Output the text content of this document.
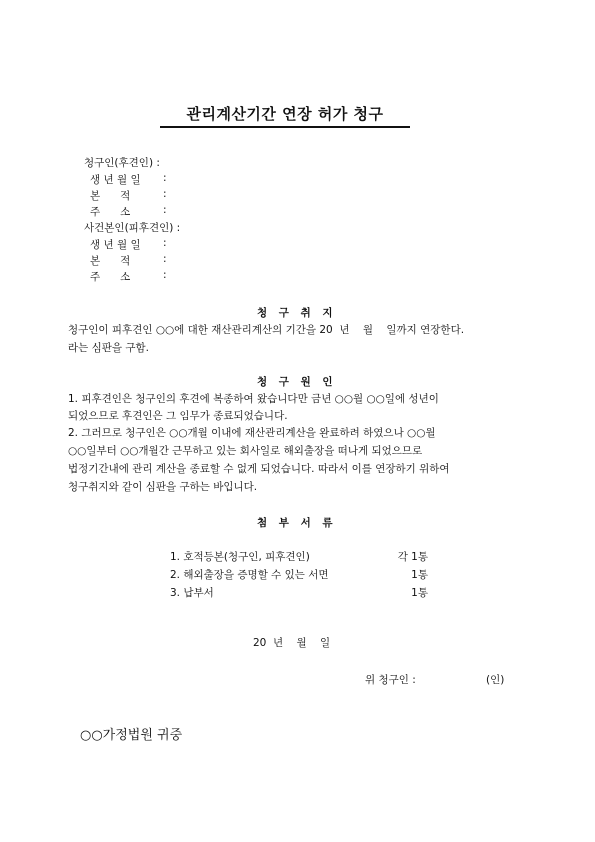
관리계산기간 연장 허가 청구
청구인(후견인) :
생 년 월 일 :
본      적	:
주      소	:
사건본인(피후견인) :
생 년 월 일 :
본      적	:
주      소	:
청 구 취 지
청구인이 피후견인 ○○에 대한 재산관리계산의 기간을 20  년    월    일까지 연장한다.
라는 심판을 구함.
청 구 원 인
1. 피후견인은 청구인의 후견에 복종하여 왔습니다만 금년 ○○월 ○○일에 성년이
되었으므로 후견인은 그 임무가 종료되었습니다.
2. 그러므로 청구인은 ○○개월 이내에 재산관리계산을 완료하려 하였으나 ○○월
○○일부터 ○○개월간 근무하고 있는 회사일로 해외출장을 떠나게 되었으므로
법정기간내에 관리 계산을 종료할 수 없게 되었습니다. 따라서 이를 연장하기 위하여
청구취지와 같이 심판을 구하는 바입니다.
첨 부 서 류
1. 호적등본(청구인, 피후견인)	각 1통
2. 해외출장을 증명할 수 있는 서면	1통
3. 납부서	1통
20  년    월    일
위 청구인 :	(인)
○○가정법원 귀중
